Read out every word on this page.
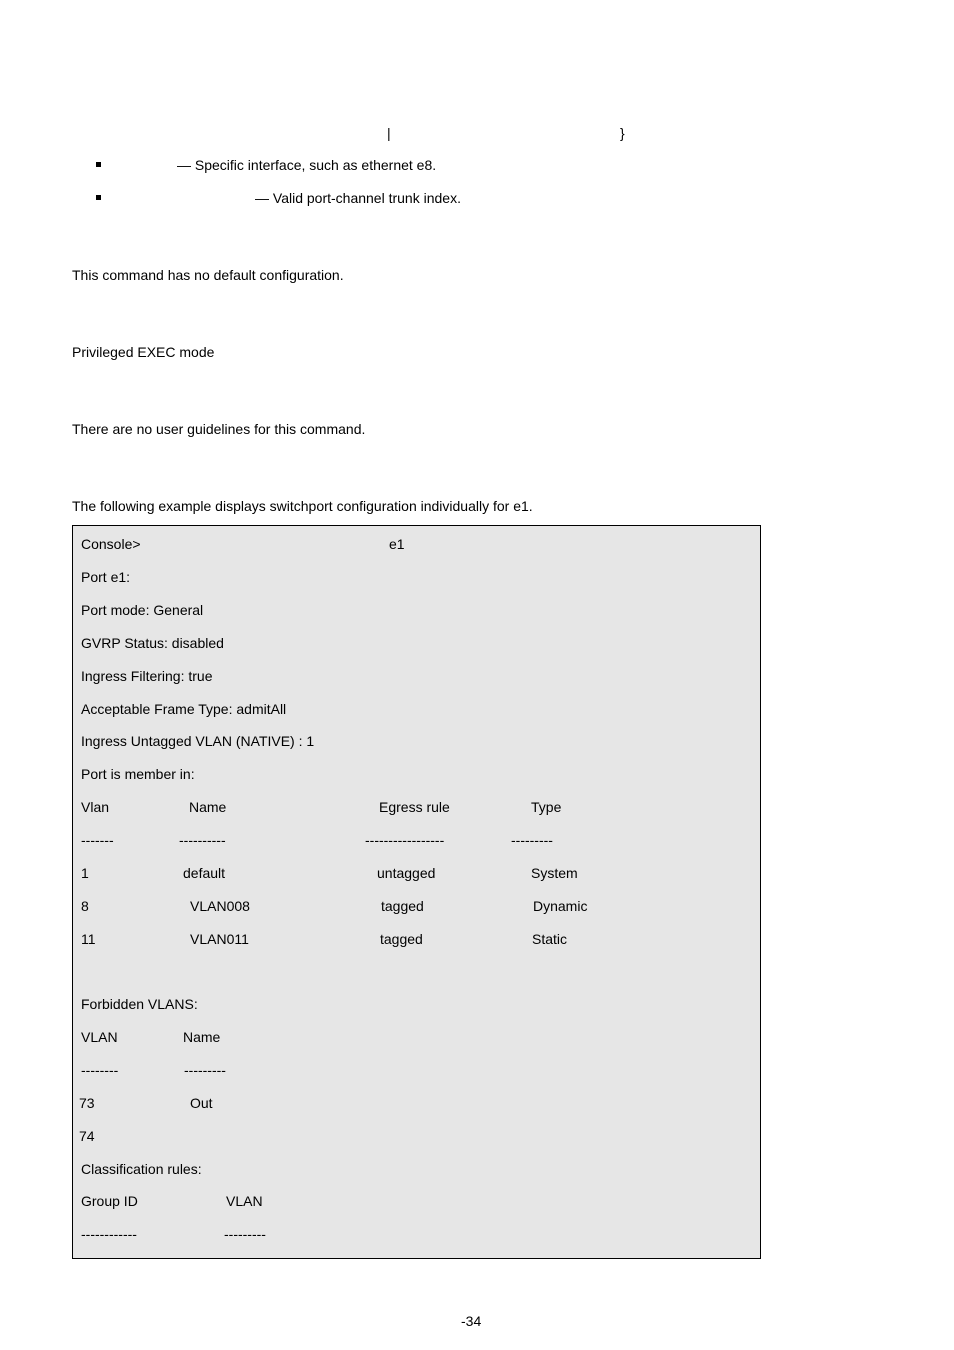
|	}
— Specific interface, such as ethernet e8.
— Valid port-channel trunk index.
This command has no default configuration.
Privileged EXEC mode
There are no user guidelines for this command.
The following example displays switchport configuration individually for e1.
Console>	e1
Port e1:
Port mode: General
GVRP Status: disabled
Ingress Filtering: true
Acceptable Frame Type: admitAll
Ingress Untagged VLAN (NATIVE) : 1
Port is member in:
Vlan	Name	Egress rule	Type
-------	----------	-----------------	---------
1	default	untagged	System
8	VLAN008	tagged	Dynamic
11	VLAN011	tagged	Static
Forbidden VLANS:
VLAN	Name
--------	---------
73	Out
74
Classification rules:
Group ID	VLAN
------------	---------
-34
